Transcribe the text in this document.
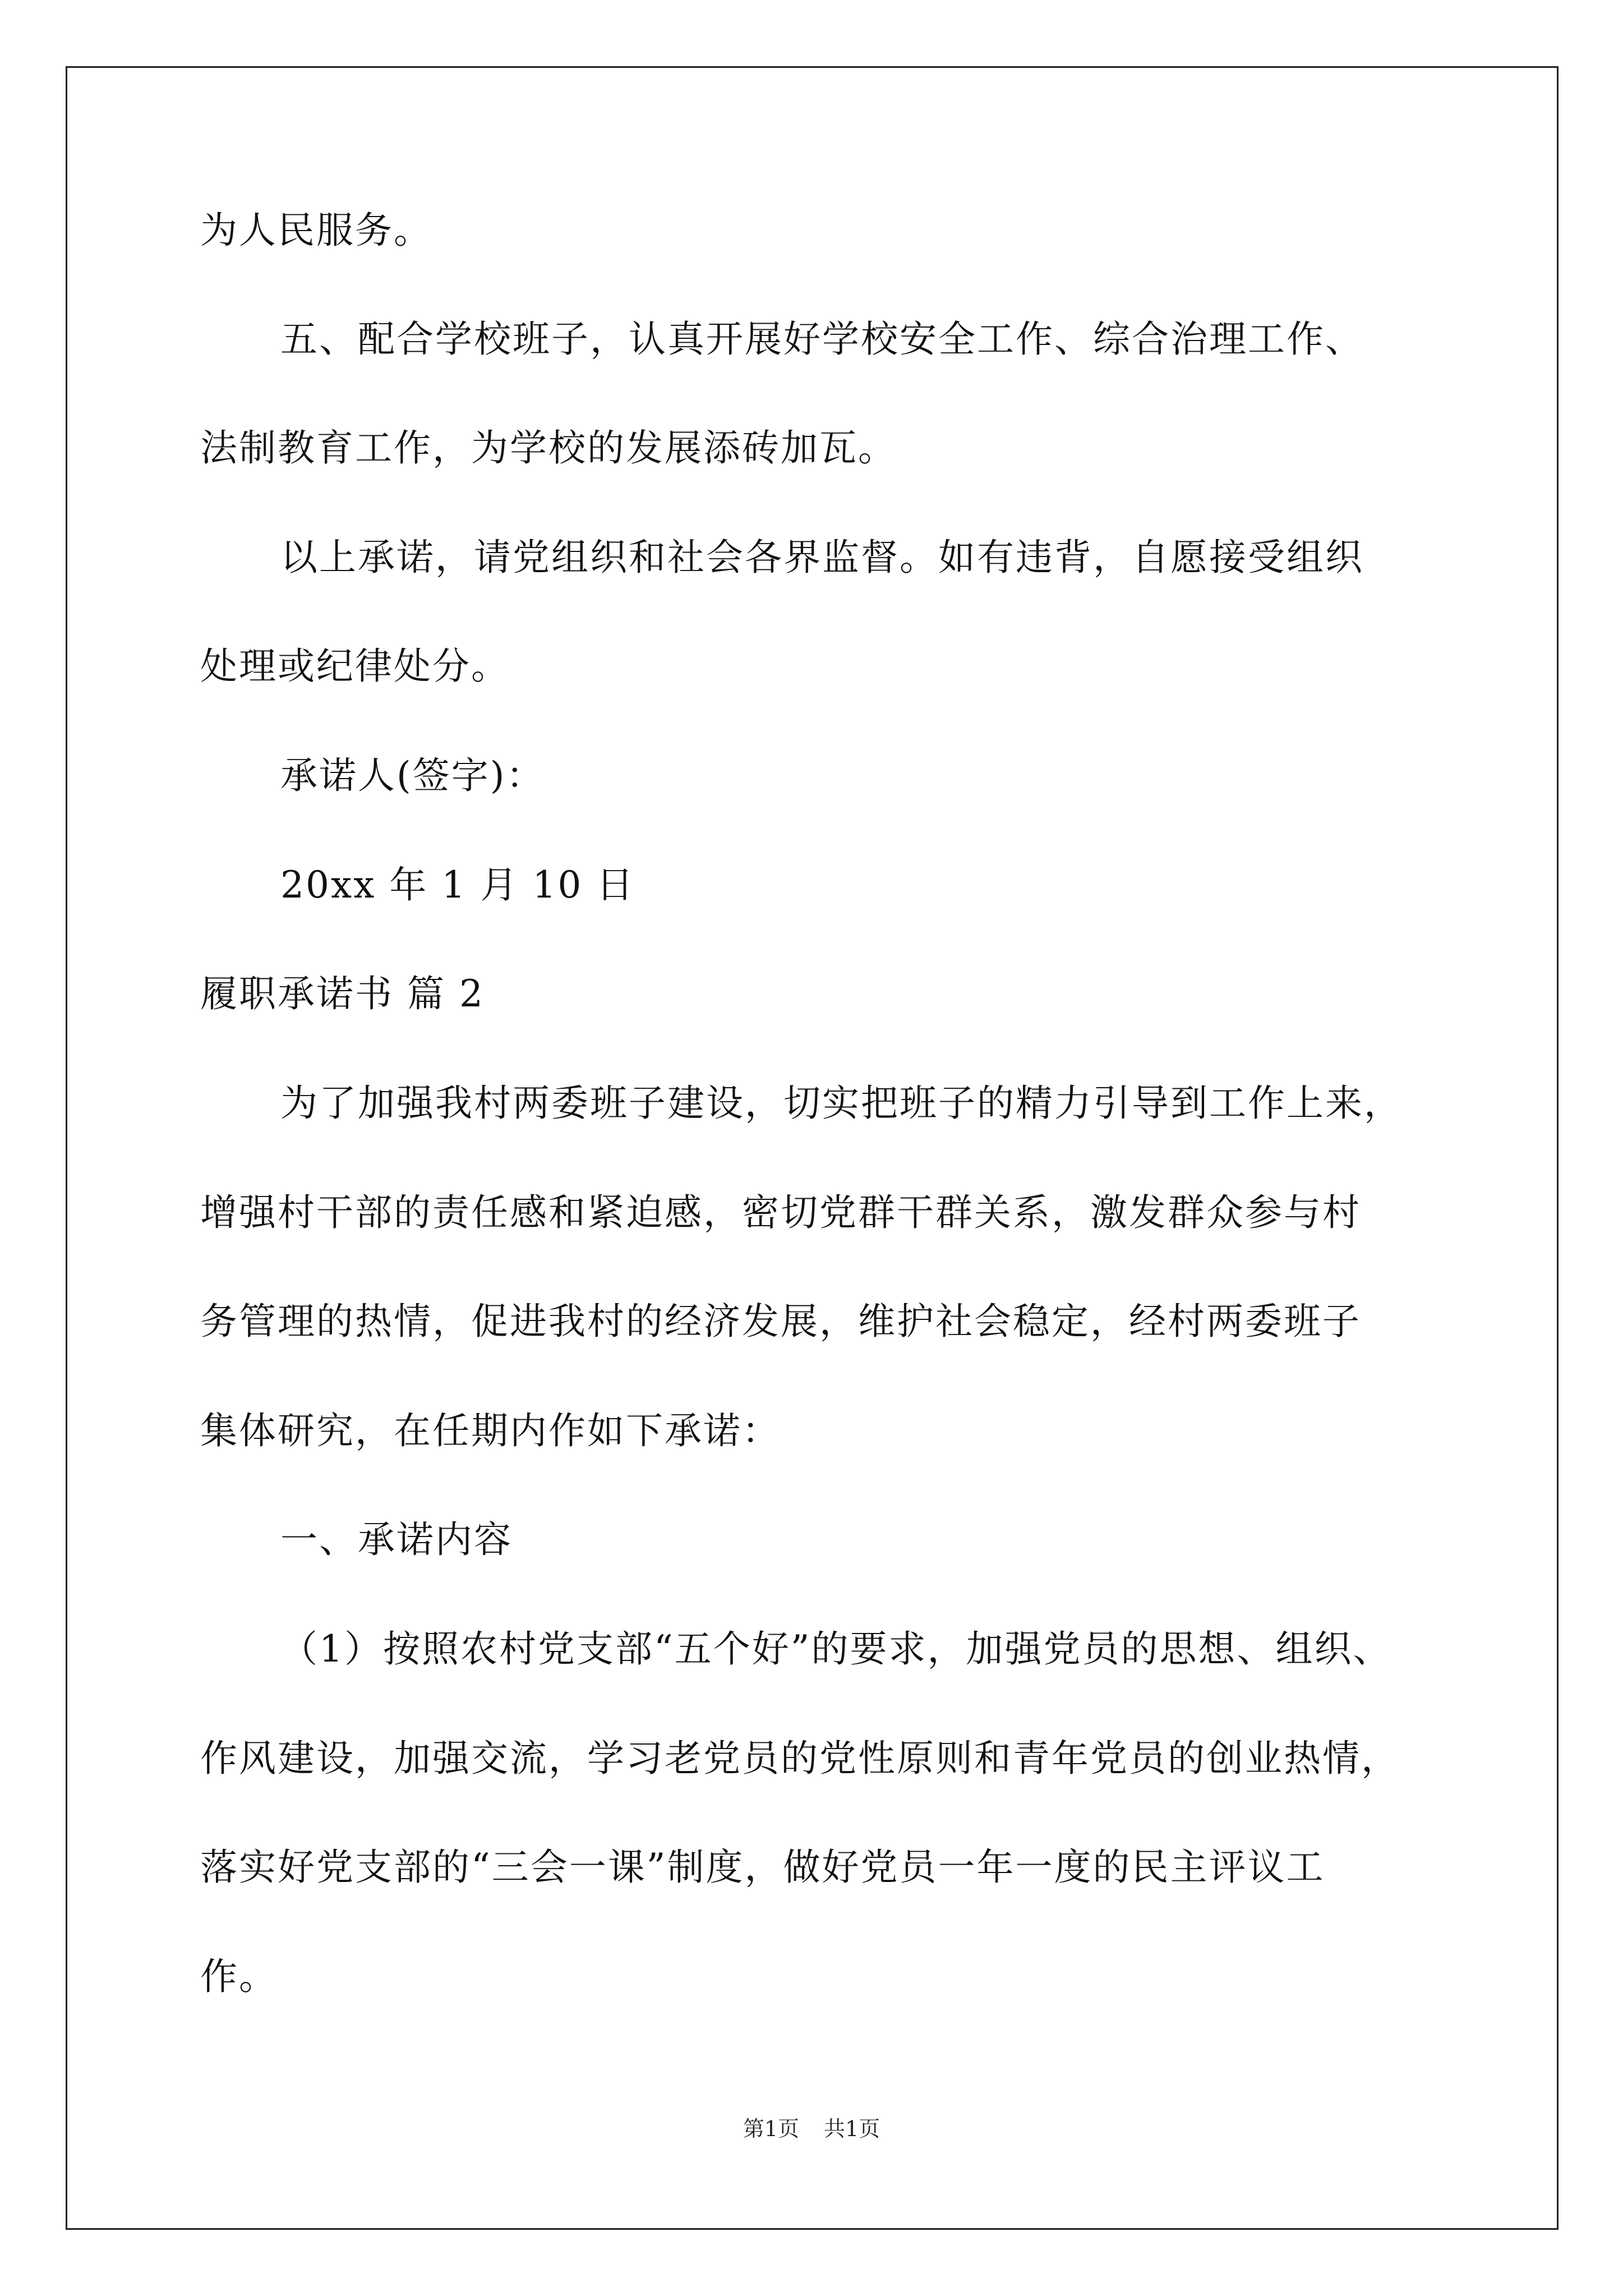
为人民服务。
五、配合学校班子，认真开展好学校安全工作、综合治理工作、
法制教育工作，为学校的发展添砖加瓦。
以上承诺，请党组织和社会各界监督。如有违背，自愿接受组织
处理或纪律处分。
承诺人(签字)：
20xx 年 1 月 10 日
履职承诺书 篇 2
为了加强我村两委班子建设，切实把班子的精力引导到工作上来，
增强村干部的责任感和紧迫感，密切党群干群关系，激发群众参与村
务管理的热情，促进我村的经济发展，维护社会稳定，经村两委班子
集体研究，在任期内作如下承诺：
一、承诺内容
（1）按照农村党支部“五个好”的要求，加强党员的思想、组织、
作风建设，加强交流，学习老党员的党性原则和青年党员的创业热情，
落实好党支部的“三会一课”制度，做好党员一年一度的民主评议工
作。
第1页 共1页
